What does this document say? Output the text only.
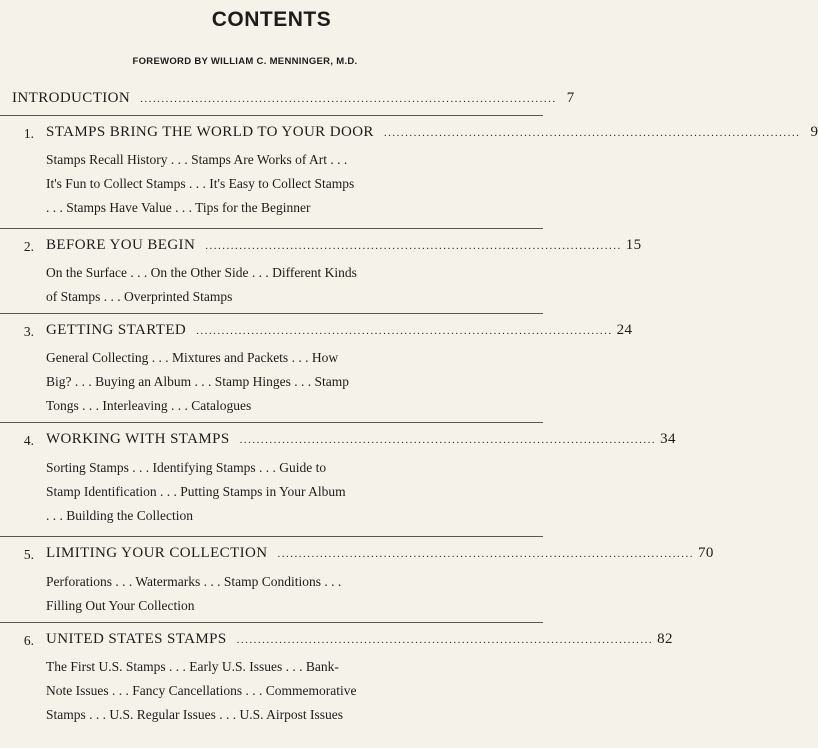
CONTENTS
FOREWORD BY WILLIAM C. MENNINGER, M.D.
INTRODUCTION .................................................................................................. 7
1. STAMPS BRING THE WORLD TO YOUR DOOR .................................................................................................. 9

Stamps Recall History . . . Stamps Are Works of Art . . .

It's Fun to Collect Stamps . . . It's Easy to Collect Stamps

. . . Stamps Have Value . . . Tips for the Beginner

2. BEFORE YOU BEGIN .................................................................................................. 15

On the Surface . . . On the Other Side . . . Different Kinds

of Stamps . . . Overprinted Stamps

3. GETTING STARTED .................................................................................................. 24

General Collecting . . . Mixtures and Packets . . . How

Big? . . . Buying an Album . . . Stamp Hinges . . . Stamp

Tongs . . . Interleaving . . . Catalogues

4. WORKING WITH STAMPS .................................................................................................. 34

Sorting Stamps . . . Identifying Stamps . . . Guide to

Stamp Identification . . . Putting Stamps in Your Album

. . . Building the Collection

5. LIMITING YOUR COLLECTION .................................................................................................. 70

Perforations . . . Watermarks . . . Stamp Conditions . . .

Filling Out Your Collection

6. UNITED STATES STAMPS .................................................................................................. 82

The First U.S. Stamps . . . Early U.S. Issues . . . Bank-

Note Issues . . . Fancy Cancellations . . . Commemorative

Stamps . . . U.S. Regular Issues . . . U.S. Airpost Issues
